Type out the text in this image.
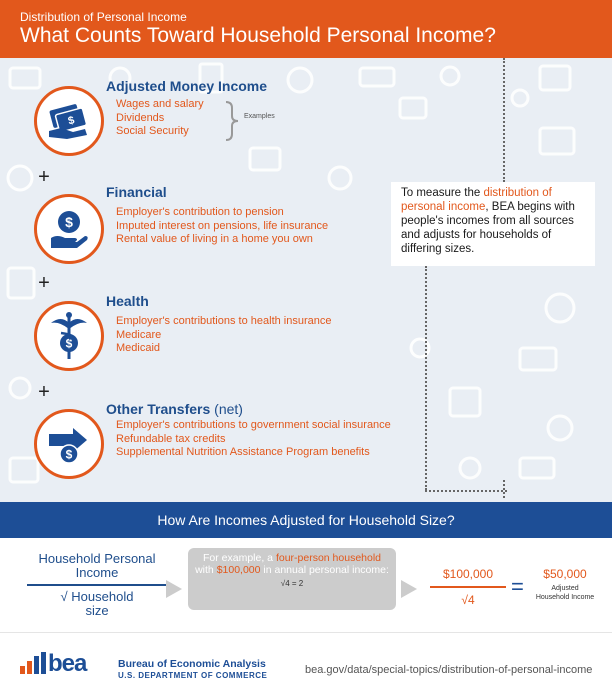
Distribution of Personal Income
What Counts Toward Household Personal Income?
$
Adjusted Money Income
Wages and salary
Dividends
Social Security
Examples
+
$
Financial
Employer's contribution to pension
Imputed interest on pensions, life insurance
Rental value of living in a home you own
+
$
Health
Employer's contributions to health insurance
Medicare
Medicaid
+
$
Other Transfers (net)
Employer's contributions to government social insurance
Refundable tax credits
Supplemental Nutrition Assistance Program benefits
To measure the distribution of personal income, BEA begins with people's incomes from all sources and adjusts for households of differing sizes.
How Are Incomes Adjusted for Household Size?
Household Personal Income
√ Household
size
For example, a four-person household with $100,000 in annual personal income:
√4 = 2
$100,000
√4
=	$50,000
Adjusted Household Income
bea	Bureau of Economic Analysis
U.S. DEPARTMENT OF COMMERCE	bea.gov/data/special-topics/distribution-of-personal-income
